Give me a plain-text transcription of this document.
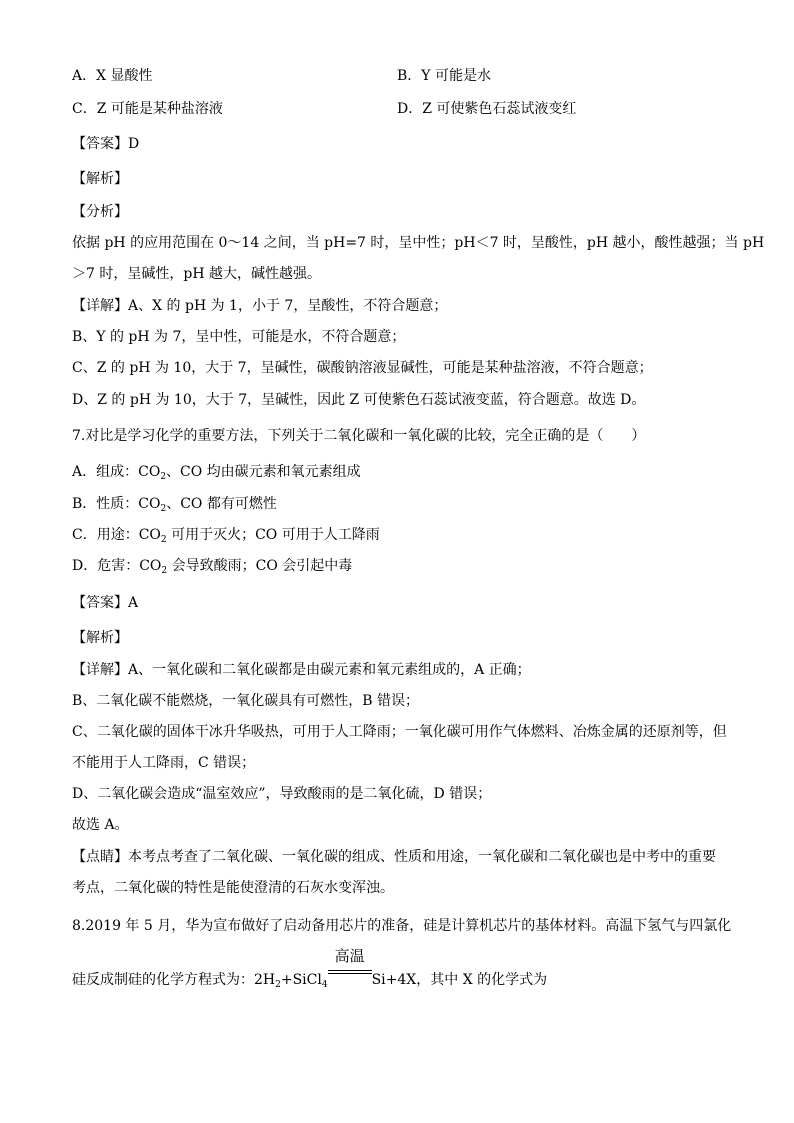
A．X 显酸性	B．Y 可能是水
C．Z 可能是某种盐溶液	D．Z 可使紫色石蕊试液变红
【答案】D
【解析】
【分析】
依据 pH 的应用范围在 0～14 之间，当 pH=7 时，呈中性；pH＜7 时，呈酸性，pH 越小，酸性越强；当 pH
＞7 时，呈碱性，pH 越大，碱性越强。
【详解】A、X 的 pH 为 1，小于 7，呈酸性，不符合题意；
B、Y 的 pH 为 7，呈中性，可能是水，不符合题意；
C、Z 的 pH 为 10，大于 7，呈碱性，碳酸钠溶液显碱性，可能是某种盐溶液，不符合题意；
D、Z 的 pH 为 10，大于 7，呈碱性，因此 Z 可使紫色石蕊试液变蓝，符合题意。故选 D。
7.对比是学习化学的重要方法，下列关于二氧化碳和一氧化碳的比较，完全正确的是（　　）
A．组成：$CO_2$、CO 均由碳元素和氧元素组成
B．性质：$CO_2$、CO 都有可燃性
C．用途：$CO_2$ 可用于灭火；CO 可用于人工降雨
D．危害：$CO_2$ 会导致酸雨；CO 会引起中毒
【答案】A
【解析】
【详解】A、一氧化碳和二氧化碳都是由碳元素和氧元素组成的，A 正确；
B、二氧化碳不能燃烧，一氧化碳具有可燃性，B 错误；
C、二氧化碳的固体干冰升华吸热，可用于人工降雨；一氧化碳可用作气体燃料、冶炼金属的还原剂等，但
不能用于人工降雨，C 错误；
D、二氧化碳会造成“温室效应”，导致酸雨的是二氧化硫，D 错误；
故选 A。
【点睛】本考点考查了二氧化碳、一氧化碳的组成、性质和用途，一氧化碳和二氧化碳也是中考中的重要
考点，二氧化碳的特性是能使澄清的石灰水变浑浊。
8.2019 年 5 月，华为宣布做好了启动备用芯片的准备，硅是计算机芯片的基体材料。高温下氢气与四氯化
硅反成制硅的化学方程式为：$2H_2+SiCl_4$
高温
Si+4X，其中 X 的化学式为
